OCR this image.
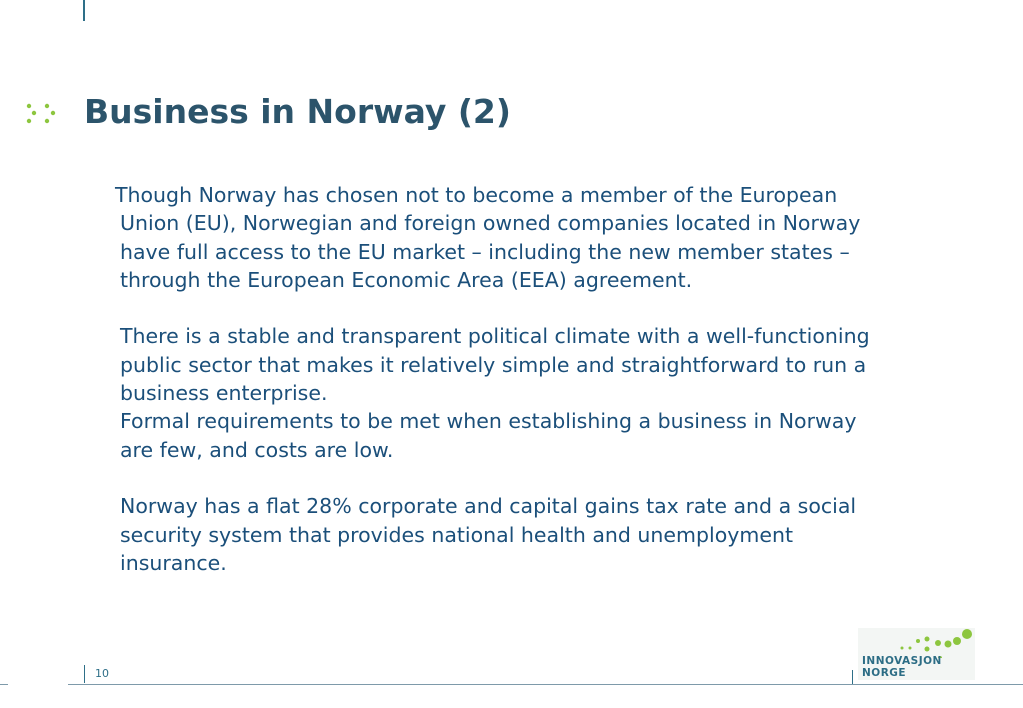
Business in Norway (2)

Though Norway has chosen not to become a member of the European Union (EU), Norwegian and foreign owned companies located in Norway have full access to the EU market – including the new member states – through the European Economic Area (EEA) agreement.

There is a stable and transparent political climate with a well-functioning public sector that makes it relatively simple and straightforward to run a business enterprise.

Formal requirements to be met when establishing a business in Norway are few, and costs are low.

Norway has a flat 28% corporate and capital gains tax rate and a social security system that provides national health and unemployment insurance.

10
INNOVASJON
NORGE
